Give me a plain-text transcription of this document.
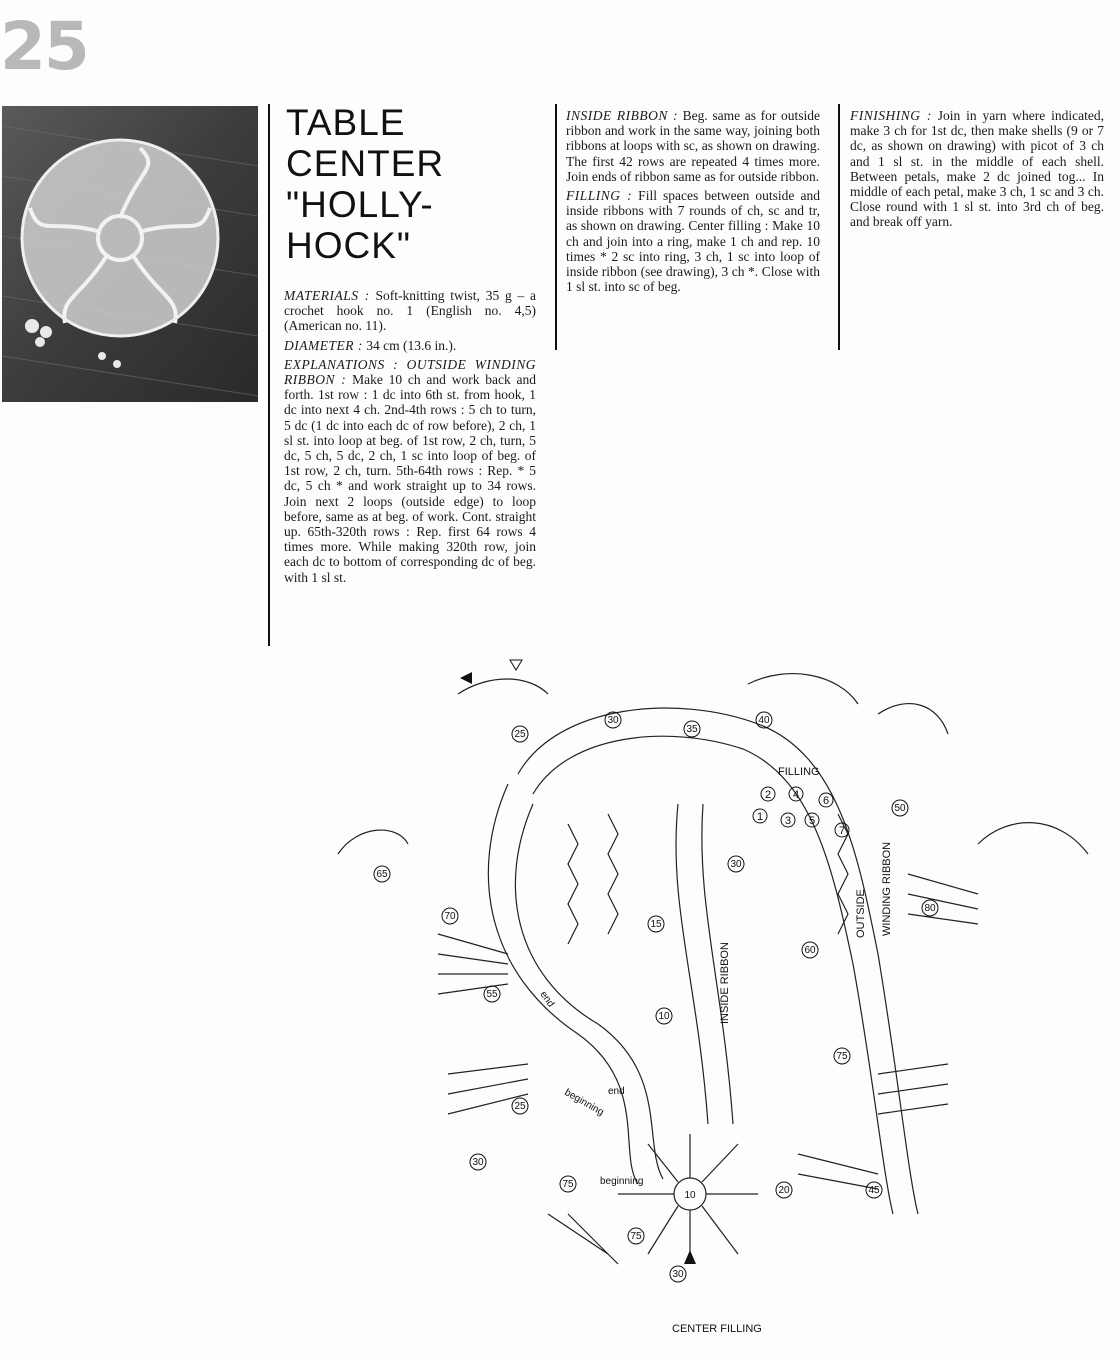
25
TABLE
CENTER
"HOLLY-
HOCK"

MATERIALS : Soft-knitting twist, 35 g – a crochet hook no. 1 (English no. 4,5) (American no. 11).

DIAMETER : 34 cm (13.6 in.).

EXPLANATIONS : OUTSIDE WINDING RIBBON : Make 10 ch and work back and forth. 1st row : 1 dc into 6th st. from hook, 1 dc into next 4 ch. 2nd-4th rows : 5 ch to turn, 5 dc (1 dc into each dc of row before), 2 ch, 1 sl st. into loop at beg. of 1st row, 2 ch, turn, 5 dc, 5 ch, 5 dc, 2 ch, 1 sc into loop of beg. of 1st row, 2 ch, turn. 5th-64th rows : Rep. * 5 dc, 5 ch * and work straight up to 34 rows. Join next 2 loops (outside edge) to loop before, same as at beg. of work. Cont. straight up. 65th-320th rows : Rep. first 64 rows 4 times more. While making 320th row, join each dc to bottom of corresponding dc of beg. with 1 sl st.

INSIDE RIBBON : Beg. same as for outside ribbon and work in the same way, joining both ribbons at loops with sc, as shown on drawing. The first 42 rows are repeated 4 times more. Join ends of ribbon same as for outside ribbon.

FILLING : Fill spaces between outside and inside ribbons with 7 rounds of ch, sc and tr, as shown on drawing. Center filling : Make 10 ch and join into a ring, make 1 ch and rep. 10 times * 2 sc into ring, 3 ch, 1 sc into loop of inside ribbon (see drawing), 3 ch *. Close with 1 sl st. into sc of beg.

FINISHING : Join in yarn where indicated, make 3 ch for 1st dc, then make shells (9 or 7 dc, as shown on drawing) with picot of 3 ch and 1 sl st. in the middle of each shell. Between petals, make 2 dc joined tog... In middle of each petal, make 3 ch, 1 sc and 3 ch. Close round with 1 sl st. into 3rd ch of beg. and break off yarn.

30
35
40
25
50
65
70
55
60
75
80
15
10
10
30
75
30
45
20
30
25
75
1
2
3
4
5
6
7
FILLING
OUTSIDE WINDING RIBBON
INSIDE RIBBON
end
end
beginning
beginning
CENTER FILLING
